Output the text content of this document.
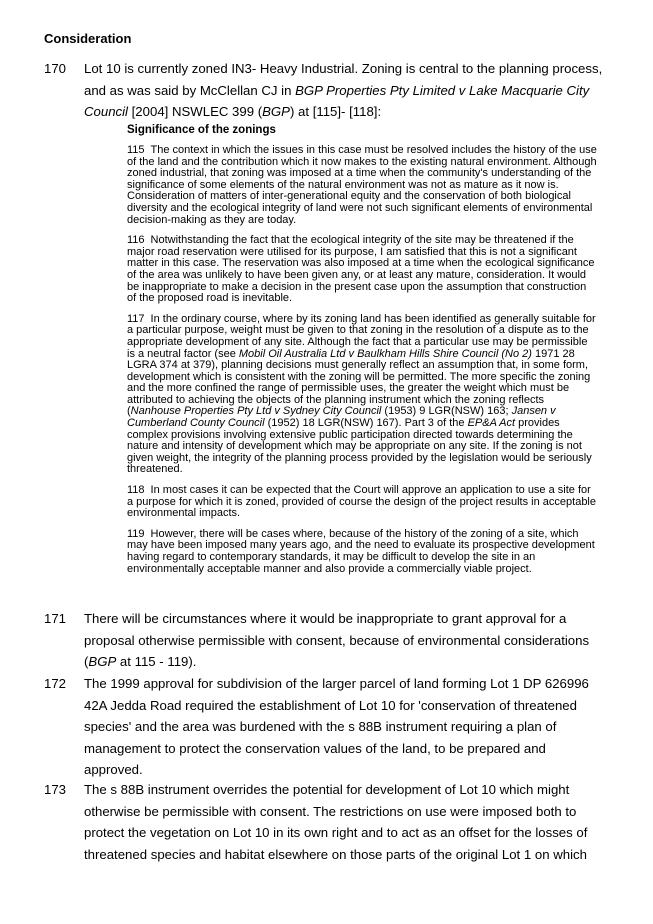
Consideration
170 Lot 10 is currently zoned IN3- Heavy Industrial. Zoning is central to the planning process, and as was said by McClellan CJ in BGP Properties Pty Limited v Lake Macquarie City Council [2004] NSWLEC 399 (BGP) at [115]- [118]:
Significance of the zonings

115 The context in which the issues in this case must be resolved includes the history of the use of the land and the contribution which it now makes to the existing natural environment. Although zoned industrial, that zoning was imposed at a time when the community's understanding of the significance of some elements of the natural environment was not as mature as it now is. Consideration of matters of inter-generational equity and the conservation of both biological diversity and the ecological integrity of land were not such significant elements of environmental decision-making as they are today.

116 Notwithstanding the fact that the ecological integrity of the site may be threatened if the major road reservation were utilised for its purpose, I am satisfied that this is not a significant matter in this case. The reservation was also imposed at a time when the ecological significance of the area was unlikely to have been given any, or at least any mature, consideration. It would be inappropriate to make a decision in the present case upon the assumption that construction of the proposed road is inevitable.

117 In the ordinary course, where by its zoning land has been identified as generally suitable for a particular purpose, weight must be given to that zoning in the resolution of a dispute as to the appropriate development of any site. Although the fact that a particular use may be permissible is a neutral factor (see Mobil Oil Australia Ltd v Baulkham Hills Shire Council (No 2) 1971 28 LGRA 374 at 379), planning decisions must generally reflect an assumption that, in some form, development which is consistent with the zoning will be permitted. The more specific the zoning and the more confined the range of permissible uses, the greater the weight which must be attributed to achieving the objects of the planning instrument which the zoning reflects (Nanhouse Properties Pty Ltd v Sydney City Council (1953) 9 LGR(NSW) 163; Jansen v Cumberland County Council (1952) 18 LGR(NSW) 167). Part 3 of the EP&A Act provides complex provisions involving extensive public participation directed towards determining the nature and intensity of development which may be appropriate on any site. If the zoning is not given weight, the integrity of the planning process provided by the legislation would be seriously threatened.

118 In most cases it can be expected that the Court will approve an application to use a site for a purpose for which it is zoned, provided of course the design of the project results in acceptable environmental impacts.

119 However, there will be cases where, because of the history of the zoning of a site, which may have been imposed many years ago, and the need to evaluate its prospective development having regard to contemporary standards, it may be difficult to develop the site in an environmentally acceptable manner and also provide a commercially viable project.

171 There will be circumstances where it would be inappropriate to grant approval for a proposal otherwise permissible with consent, because of environmental considerations (BGP at 115 - 119).
172 The 1999 approval for subdivision of the larger parcel of land forming Lot 1 DP 626996 42A Jedda Road required the establishment of Lot 10 for 'conservation of threatened species' and the area was burdened with the s 88B instrument requiring a plan of management to protect the conservation values of the land, to be prepared and approved.
173 The s 88B instrument overrides the potential for development of Lot 10 which might otherwise be permissible with consent. The restrictions on use were imposed both to protect the vegetation on Lot 10 in its own right and to act as an offset for the losses of threatened species and habitat elsewhere on those parts of the original Lot 1 on which
